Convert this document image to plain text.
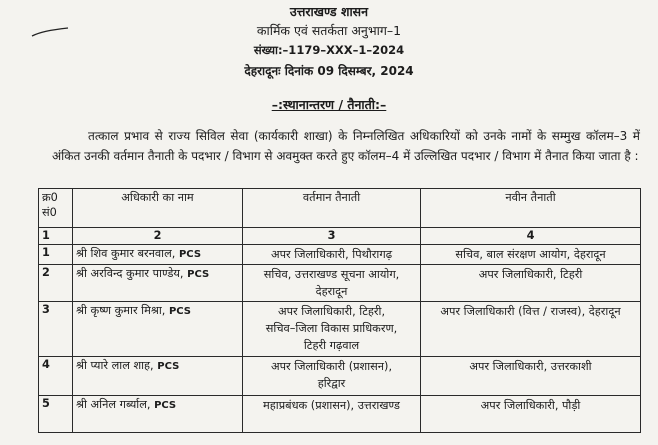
उत्तराखण्ड शासन
कार्मिक एवं सतर्कता अनुभाग–1
संख्या:–1179–XXX–1–2024
देहरादूनः दिनांक 09 दिसम्बर, 2024
–:स्थानान्तरण / तैनाती:–
तत्काल प्रभाव से राज्य सिविल सेवा (कार्यकारी शाखा) के निम्नलिखित अधिकारियों को उनके नामों के सम्मुख कॉलम–3 में अंकित उनकी वर्तमान तैनाती के पदभार / विभाग से अवमुक्त करते हुए कॉलम–4 में उल्लिखित पदभार / विभाग में तैनात किया जाता है :
क्र0 सं0	अधिकारी का नाम	वर्तमान तैनाती	नवीन तैनाती
1	2	3	4
1	श्री शिव कुमार बरनवाल, PCS	अपर जिलाधिकारी, पिथौरागढ़	सचिव, बाल संरक्षण आयोग, देहरादून

2	श्री अरविन्द कुमार पाण्डेय, PCS	सचिव, उत्तराखण्ड सूचना आयोग,
देहरादून	अपर जिलाधिकारी, टिहरी

3	श्री कृष्ण कुमार मिश्रा, PCS	अपर जिलाधिकारी, टिहरी,
सचिव–जिला विकास प्राधिकरण,
टिहरी गढ़वाल	अपर जिलाधिकारी (वित्त / राजस्व), देहरादून

4	श्री प्यारे लाल शाह, PCS	अपर जिलाधिकारी (प्रशासन),
हरिद्वार	अपर जिलाधिकारी, उत्तरकाशी

5	श्री अनिल गर्ब्याल, PCS	महाप्रबंधक (प्रशासन), उत्तराखण्ड	अपर जिलाधिकारी, पौड़ी
